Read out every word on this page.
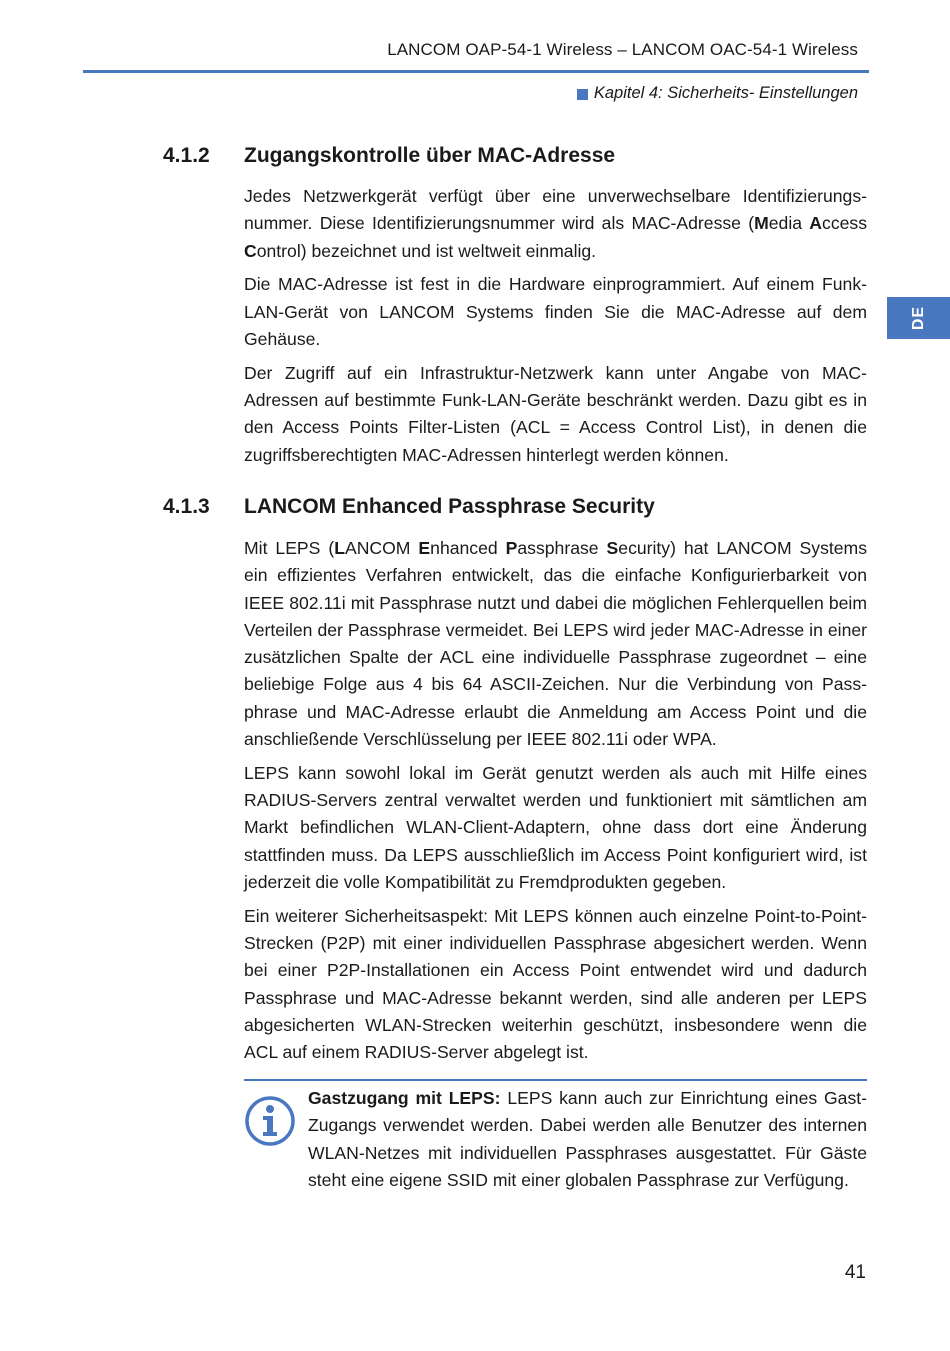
LANCOM OAP-54-1 Wireless – LANCOM OAC-54-1 Wireless
Kapitel 4: Sicherheits- Einstellungen
DE
4.1.2	Zugangskontrolle über MAC-Adresse

Jedes Netzwerkgerät verfügt über eine unverwechselbare Identifizierungsnummer. Diese Identifizierungsnummer wird als MAC-Adresse (Media Access Control) bezeichnet und ist weltweit einmalig.

Die MAC-Adresse ist fest in die Hardware einprogrammiert. Auf einem Funk-LAN-Gerät von LANCOM Systems finden Sie die MAC-Adresse auf dem Gehäuse.

Der Zugriff auf ein Infrastruktur-Netzwerk kann unter Angabe von MAC-Adressen auf bestimmte Funk-LAN-Geräte beschränkt werden. Dazu gibt es in den Access Points Filter-Listen (ACL = Access Control List), in denen die zugriffsberechtigten MAC-Adressen hinterlegt werden können.

4.1.3	LANCOM Enhanced Passphrase Security

Mit LEPS (LANCOM Enhanced Passphrase Security) hat LANCOM Systems ein effizientes Verfahren entwickelt, das die einfache Konfigurierbarkeit von IEEE 802.11i mit Passphrase nutzt und dabei die möglichen Fehlerquellen beim Verteilen der Passphrase vermeidet. Bei LEPS wird jeder MAC-Adresse in einer zusätzlichen Spalte der ACL eine individuelle Passphrase zugeordnet – eine beliebige Folge aus 4 bis 64 ASCII-Zeichen. Nur die Verbindung von Passphrase und MAC-Adresse erlaubt die Anmeldung am Access Point und die anschließende Verschlüsselung per IEEE 802.11i oder WPA.

LEPS kann sowohl lokal im Gerät genutzt werden als auch mit Hilfe eines RADIUS-Servers zentral verwaltet werden und funktioniert mit sämtlichen am Markt befindlichen WLAN-Client-Adaptern, ohne dass dort eine Änderung stattfinden muss. Da LEPS ausschließlich im Access Point konfiguriert wird, ist jederzeit die volle Kompatibilität zu Fremdprodukten gegeben.

Ein weiterer Sicherheitsaspekt: Mit LEPS können auch einzelne Point-to-Point-Strecken (P2P) mit einer individuellen Passphrase abgesichert werden. Wenn bei einer P2P-Installationen ein Access Point entwendet wird und dadurch Passphrase und MAC-Adresse bekannt werden, sind alle anderen per LEPS abgesicherten WLAN-Strecken weiterhin geschützt, insbesondere wenn die ACL auf einem RADIUS-Server abgelegt ist.

Gastzugang mit LEPS: LEPS kann auch zur Einrichtung eines Gast-Zugangs verwendet werden. Dabei werden alle Benutzer des internen WLAN-Netzes mit individuellen Passphrases ausgestattet. Für Gäste steht eine eigene SSID mit einer globalen Passphrase zur Verfügung.
41
